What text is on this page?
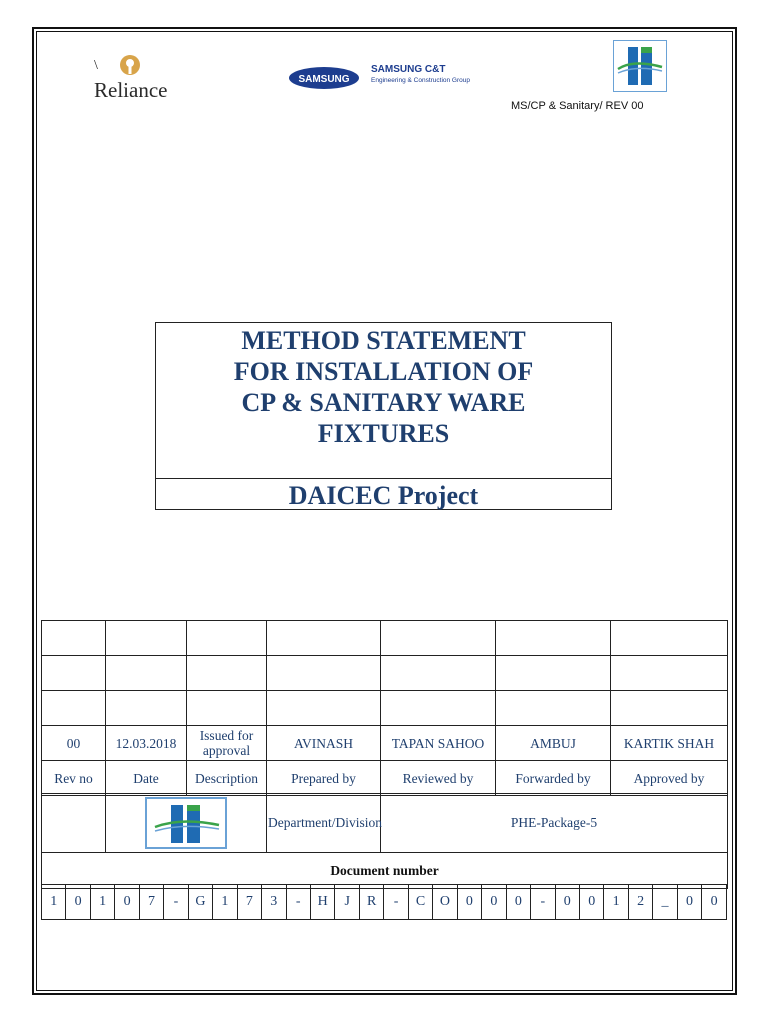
\
Reliance	SAMSUNG
SAMSUNG C&T
Engineering & Construction Group
MS/CP & Sanitary/ REV 00
METHOD STATEMENT
FOR INSTALLATION OF
CP & SANITARY WARE
FIXTURES
DAICEC Project

00	12.03.2018	Issued for approval	AVINASH	TAPAN SAHOO	AMBUJ	KARTIK SHAH
Rev no	Date	Description	Prepared by	Reviewed by	Forwarded by	Approved by
		Department/Division	PHE-Package-5
Document number
1	0	1	0	7	-	G	1	7	3	-	H	J	R	-	C	O	0	0	0	-	0	0	1	2	_	0	0
